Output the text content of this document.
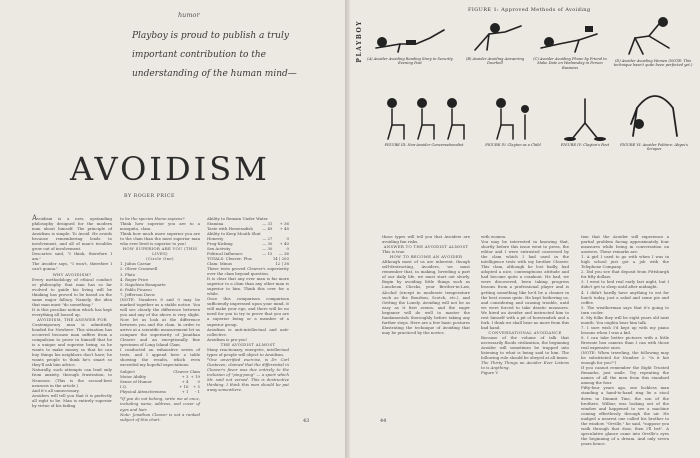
humor
Playboy is proud to publish a truly important contribution to the understanding of the human mind—
AVOIDISM
BY ROGER PRICE

Avoidism is a new, upstanding philosophy designed for the modern man about himself. The principle of Avoidism is simple: To Avoid. He avoids because remembering leads to involvement, and all of man's troubles grow out of involvement.

Descartes said, "I think, therefore I am."

The Avoider says, "I won't, therefore I can't gonna."

WHY AVOIDISM?

Every methodology of ethical conduct or philosophy that man has so far evolved to guide his living will be thinking has proved to be based on the same major fallacy. Namely, the idea that man must "do something."

It is this peculiar notion which has kept everything all loused up.

AVOIDISM, THE ANSWER FOR

Contemporary man is admittedly headed for Nowhere. This situation has occurred because man suffers from a compulsion to prove to himself that he is a unique and superior being; so he wants to make money so that he can buy things his neighbors don't have; he wants people to think he's smart so they'll ask him advice.

Naturally, such attempts can lead only from anxiety, through frustration, to Neurosis. (This is the second-best neurosis in the article.)

And it's all unnecessary.

Avoiders will tell you that it is perfectly all right to be. Man is entirely superior by virtue of his failing

to be the species Homo sapiens?

Think how superior you are to a mosquito, clam.

Think how much more superior you are to the clam than the most superior man who ever lived is superior to you!

HOW SUPERIOR ARE YOU (THIS LIVES)

(Circle One)

1. Julius Caesar

2. Oliver Cromwell

3. Plato

4. Roger Price

5. Napoleon Bonaparte

6. Pablo Picasso

7. Jefferson Davis

(NOTE: Numbers 8 and 9 may be marked together as a stable notice. You will see clearly the difference between you and any of the above is very slight. Now let us look at the difference between you and the clam. In order to arrive at a scientific measurement let us compare the superiority of Jonathan Cleaver and an exceptionally fine specimen of Long Island Clam.

I conducted an exhaustive series of tests, and I append here a table showing the results, which even exceeded my hopeful expectations:

Subject	Cleaver	Clam
Motor Ability	+ 3	+ 19
Sense of Humor	+ 4	0
I.Q.	+ 16	+ 5
Physical Attractiveness	+ 1	- 1

*If you do not belong, write me at once, including name, address, and cover of eyes and hair.

Note: Jonathan Cleaver is not a ranked subject of this chart.

Ability to Remain Under Water		
Stamina	— 31	+ 36
Taste with Horseradish	— 49	+ 48
Ability to Keep Mouth Shut		
Honesty	— 27	0
Frog-Kicking	— 30	+ 40
Sex Activity	— 30	0
Political Influence	— 15	— 36
TOTALS: Cleaver: Plus		14 | 200
Clam: Minus		12 | 38

These tests proved Cleaver's superiority over the clam beyond question.

It is clear that any ever man is far more superior to a clam than any other man is superior to him. Think this over for a while.

Once this comparison comparison sufficiently impressed upon your mind, it will make your ego, and there will be no need for you to try to prove that you are a superior being or a member of a superior group.

Avoidism is anti-intellectual and anti-collective.

Avoidism is pro-you!

THE AVOIDIST ALMOST

Many reactionary, energetic, intellectual types of people will object to Avoidism.

*One unverified exercise, is Dr. Carl Gustaven, claimed that the differential in Cleaver's favor was due entirely to the inclusion of "ping-pong" — a sport which Mr. said not versed. This is destructive thinking. I think this man should be put away somewhere.

43
PLAYBOY
FIGURE 1: Approved Methods of Avoiding
(A) Avoider Avoiding Reading Story in Security Evening Post
(B) Avoider Avoiding Answering Doorbell
(C) Avoider Avoiding Phone by Friend to Make Date on Wednesday in Person Business
(D) Avoider Avoiding Women (NOTE: This technique hasn't quite been perfected yet.)
FIGURE III: Non-Avoider Conversationalist	FIGURE IV: Clayton as a Child	FIGURE IV: Clayton's Feet	FIGURE VI: Avoider Politure: Abyss's Scrapes

those types will tell you that Avoiders are avoiding fun risks.

ANSWER TO THE AVOIDIST ALMOST

This is true.

HOW TO BECOME AN AVOIDER

Although most of us are inherent, though self-destructing, Avoiders, we must remember that, in making, breeding a part of our daily life, we must start out slowly. Begin by avoiding little things such as Luncheon Checks, your Brother-in-Law, Alcohol (except in moderate temperature such as the Bourbon, Scotch, etc.), and Getting the Lonely. Avoiding will not be as easy as it first seems, and the eager beginner will do well to master the fundamentals thoroughly before taking any further steps. Here are a few basic postures illustrating the technique of Avoiding that may be practiced by the novice.

with women.

You may be interested in knowing that, shortly before this issue went to press, the editor and I were entrusted conversed by the clam which I had used in the intelligence tests with my brother Cleaver. This clam, although he lost badly, had adopted a nice, contemptuous attitude and had become quite a crankout. He had, we were discovered, been taking progress lessons from a professional player and is getting something like he'd be a cleaner in the best rooms quite. He kept bothering us, and considering and causing trouble, until we were forced to take drastic measures. We hired an Avoider and instructed him to rest himself with a pit of horseradish and a fork. I think we shall hear no more from this bad hand.

CONVERSATIONAL AVOIDANCE

Because of the volume of talk that necessarily floods civilization, the beginning Avoider will sometimes be trapped into listening to what is being said to him. The following rule should be obeyed at all times:

The Thirty Things an Avoider Ever Listens to is Anything.

Figure V

tion that the Avoider will experience a partial problem facing approximately four measures while being in conversation on answers. These remarks are:

1. A girl I used to go with when I was in high school just got a job with the Telephone Company.

2. Did you see that deposit from Pittsburgh for fifty dollars.

3. I went to bed real early last night, but I didn't get to sleep until after midnight.

4. I didn't hardly have anything to eat for lunch today, just a salad and some pie and coffee.

5. The weatherman says that it's going to turn cooler.

6. My folks they will be eight years old next month. You oughta hear him talk.

7. I sure wish I'd kept up with my piano lessons when I was a kid.

8. I can take better pictures with a little Brownie box camera than I can with those real expensive ones.

(NOTE: When traveling, the following may be substituted for Number 2: "Is it hot enough for you?")

If you cannot remember the Eight Trusted Remarks, just smile. Try repeating the names of all the men from this standard among the four.

Fifty-four years ago, one luckless man standing a hand-to-hand ring lie a stool down in Dimmit Tine, the son of the brothers. Wilbur, was looking out of the window and happened to see a machine coming effortlessly through the air. He nudged a nearest one called his brother to the window. "Orville," he said, "suppose you walk through that door, then I'll bet". A speculative glance came into Orville's eyes the beginning of a dream. And only seven years hence.

44
